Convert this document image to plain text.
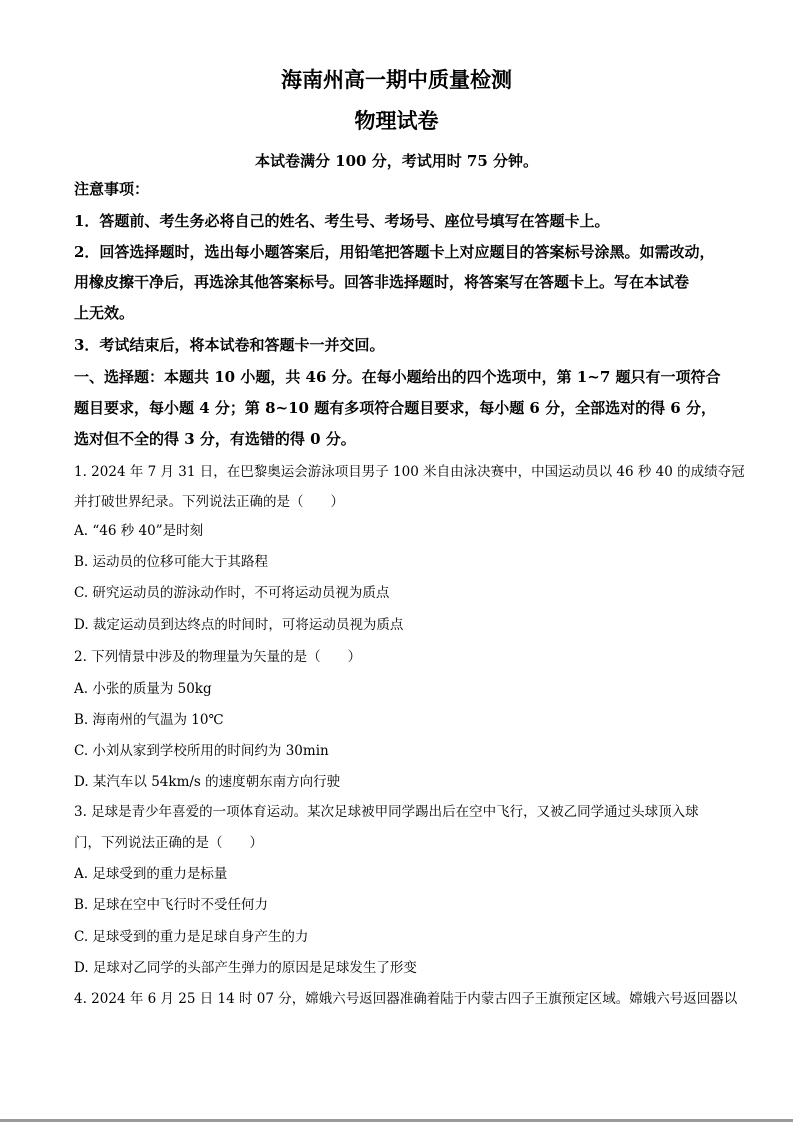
海南州高一期中质量检测
物理试卷
本试卷满分 100 分，考试用时 75 分钟。
注意事项：
1．答题前、考生务必将自己的姓名、考生号、考场号、座位号填写在答题卡上。
2．回答选择题时，选出每小题答案后，用铅笔把答题卡上对应题目的答案标号涂黑。如需改动，
用橡皮擦干净后，再选涂其他答案标号。回答非选择题时，将答案写在答题卡上。写在本试卷
上无效。
3．考试结束后，将本试卷和答题卡一并交回。
一、选择题：本题共 10 小题，共 46 分。在每小题给出的四个选项中，第 1~7 题只有一项符合
题目要求，每小题 4 分；第 8~10 题有多项符合题目要求，每小题 6 分，全部选对的得 6 分，
选对但不全的得 3 分，有选错的得 0 分。
1. 2024 年 7 月 31 日，在巴黎奥运会游泳项目男子 100 米自由泳决赛中，中国运动员以 46 秒 40 的成绩夺冠
并打破世界纪录。下列说法正确的是（　　）
A. “46 秒 40”是时刻
B. 运动员的位移可能大于其路程
C. 研究运动员的游泳动作时，不可将运动员视为质点
D. 裁定运动员到达终点的时间时，可将运动员视为质点
2. 下列情景中涉及的物理量为矢量的是（　　）
A. 小张的质量为 50kg
B. 海南州的气温为 10℃
C. 小刘从家到学校所用的时间约为 30min
D. 某汽车以 54km/s 的速度朝东南方向行驶
3. 足球是青少年喜爱的一项体育运动。某次足球被甲同学踢出后在空中飞行，又被乙同学通过头球顶入球
门，下列说法正确的是（　　）
A. 足球受到的重力是标量
B. 足球在空中飞行时不受任何力
C. 足球受到的重力是足球自身产生的力
D. 足球对乙同学的头部产生弹力的原因是足球发生了形变
4. 2024 年 6 月 25 日 14 时 07 分，嫦娥六号返回器准确着陆于内蒙古四子王旗预定区域。嫦娥六号返回器以
